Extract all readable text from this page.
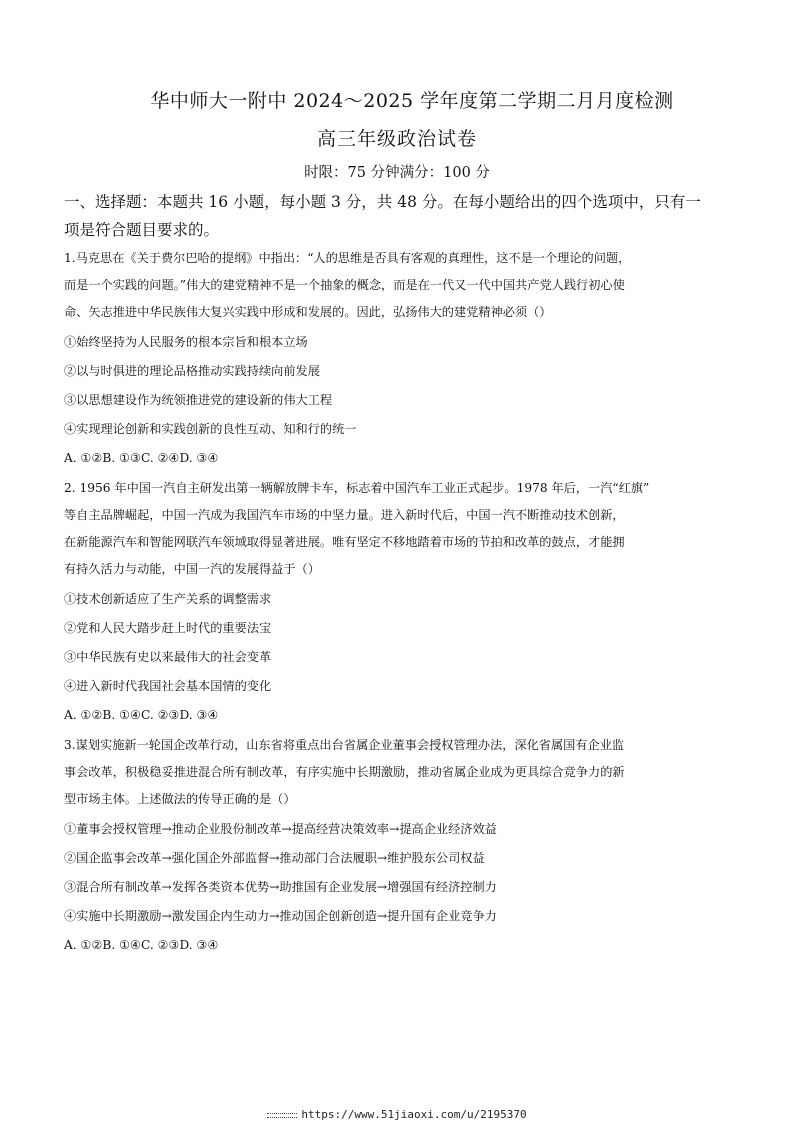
华中师大一附中 2024～2025 学年度第二学期二月月度检测
高三年级政治试卷
时限：75 分钟满分：100 分
一、选择题：本题共 16 小题，每小题 3 分，共 48 分。在每小题给出的四个选项中，只有一
项是符合题目要求的。

1.马克思在《关于费尔巴哈的提纲》中指出：“人的思维是否具有客观的真理性，这不是一个理论的问题，

而是一个实践的问题。”伟大的建党精神不是一个抽象的概念，而是在一代又一代中国共产党人践行初心使

命、矢志推进中华民族伟大复兴实践中形成和发展的。因此，弘扬伟大的建党精神必须（）

①始终坚持为人民服务的根本宗旨和根本立场

②以与时俱进的理论品格推动实践持续向前发展

③以思想建设作为统领推进党的建设新的伟大工程

④实现理论创新和实践创新的良性互动、知和行的统一

A. ①②B. ①③C. ②④D. ③④

2. 1956 年中国一汽自主研发出第一辆解放牌卡车，标志着中国汽车工业正式起步。1978 年后，一汽“红旗”

等自主品牌崛起，中国一汽成为我国汽车市场的中坚力量。进入新时代后，中国一汽不断推动技术创新，

在新能源汽车和智能网联汽车领域取得显著进展。唯有坚定不移地踏着市场的节拍和改革的鼓点，才能拥

有持久活力与动能，中国一汽的发展得益于（）

①技术创新适应了生产关系的调整需求

②党和人民大踏步赶上时代的重要法宝

③中华民族有史以来最伟大的社会变革

④进入新时代我国社会基本国情的变化

A. ①②B. ①④C. ②③D. ③④

3.谋划实施新一轮国企改革行动，山东省将重点出台省属企业董事会授权管理办法，深化省属国有企业监

事会改革，积极稳妥推进混合所有制改革，有序实施中长期激励，推动省属企业成为更具综合竞争力的新

型市场主体。上述做法的传导正确的是（）

①董事会授权管理→推动企业股份制改革→提高经营决策效率→提高企业经济效益

②国企监事会改革→强化国企外部监督→推动部门合法履职→维护股东公司权益

③混合所有制改革→发挥各类资本优势→助推国有企业发展→增强国有经济控制力

④实施中长期激励→激发国企内生动力→推动国企创新创造→提升国有企业竞争力

A. ①②B. ①④C. ②③D. ③④

https://www.51jiaoxi.com/u/2195370
